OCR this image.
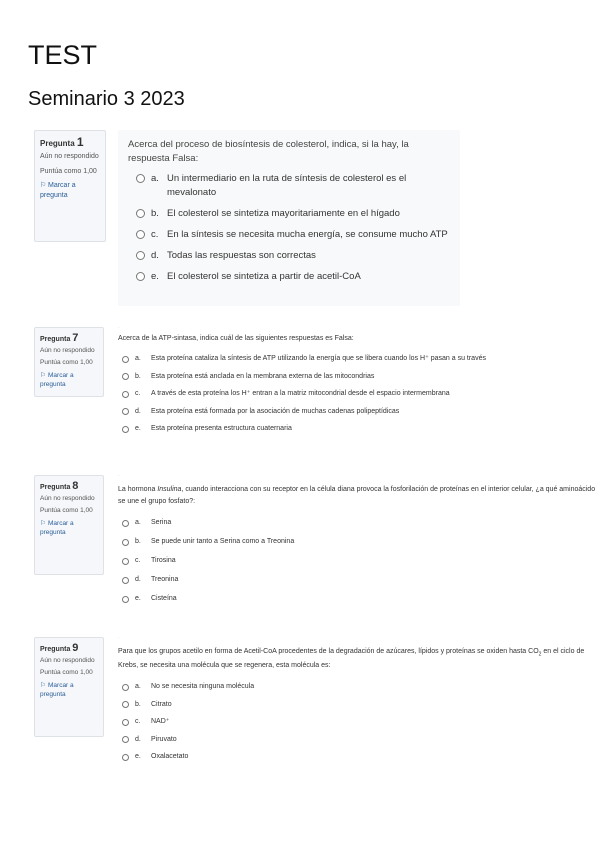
TEST
Seminario 3 2023
Pregunta 1
Aún no respondido
Puntúa como 1,00
⚐ Marcar a pregunta
Acerca del proceso de biosíntesis de colesterol, indica, si la hay, la respuesta Falsa:
a. Un intermediario en la ruta de síntesis de colesterol es el mevalonato
b. El colesterol se sintetiza mayoritariamente en el hígado
c. En la síntesis se necesita mucha energía, se consume mucho ATP
d. Todas las respuestas son correctas
e. El colesterol se sintetiza a partir de acetil-CoA
Pregunta 7
Aún no respondido
Puntúa como 1,00
⚐ Marcar a pregunta
Acerca de la ATP-sintasa, indica cuál de las siguientes respuestas es Falsa:
a.	Esta proteína cataliza la síntesis de ATP utilizando la energía que se libera cuando los H⁺ pasan a su través
b.	Esta proteína está anclada en la membrana externa de las mitocondrias
c.	A través de esta proteína los H⁺ entran a la matriz mitocondrial desde el espacio intermembrana
d.	Esta proteína está formada por la asociación de muchas cadenas polipeptídicas
e.	Esta proteína presenta estructura cuaternaria
Pregunta 8
Aún no respondido
Puntúa como 1,00
⚐ Marcar a pregunta
La hormona Insulina, cuando interacciona con su receptor en la célula diana provoca la fosforilación de proteínas en el interior celular, ¿a qué aminoácido se une el grupo fosfato?:
a.	Serina
b.	Se puede unir tanto a Serina como a Treonina
c.	Tirosina
d.	Treonina
e.	Cisteína
Pregunta 9
Aún no respondido
Puntúa como 1,00
⚐ Marcar a pregunta
Para que los grupos acetilo en forma de Acetil-CoA procedentes de la degradación de azúcares, lípidos y proteínas se oxiden hasta $CO_2$ en el ciclo de Krebs, se necesita una molécula que se regenera, esta molécula es:
a.	No se necesita ninguna molécula
b.	Citrato
c.	NAD⁺
d.	Piruvato
e.	Oxalacetato
